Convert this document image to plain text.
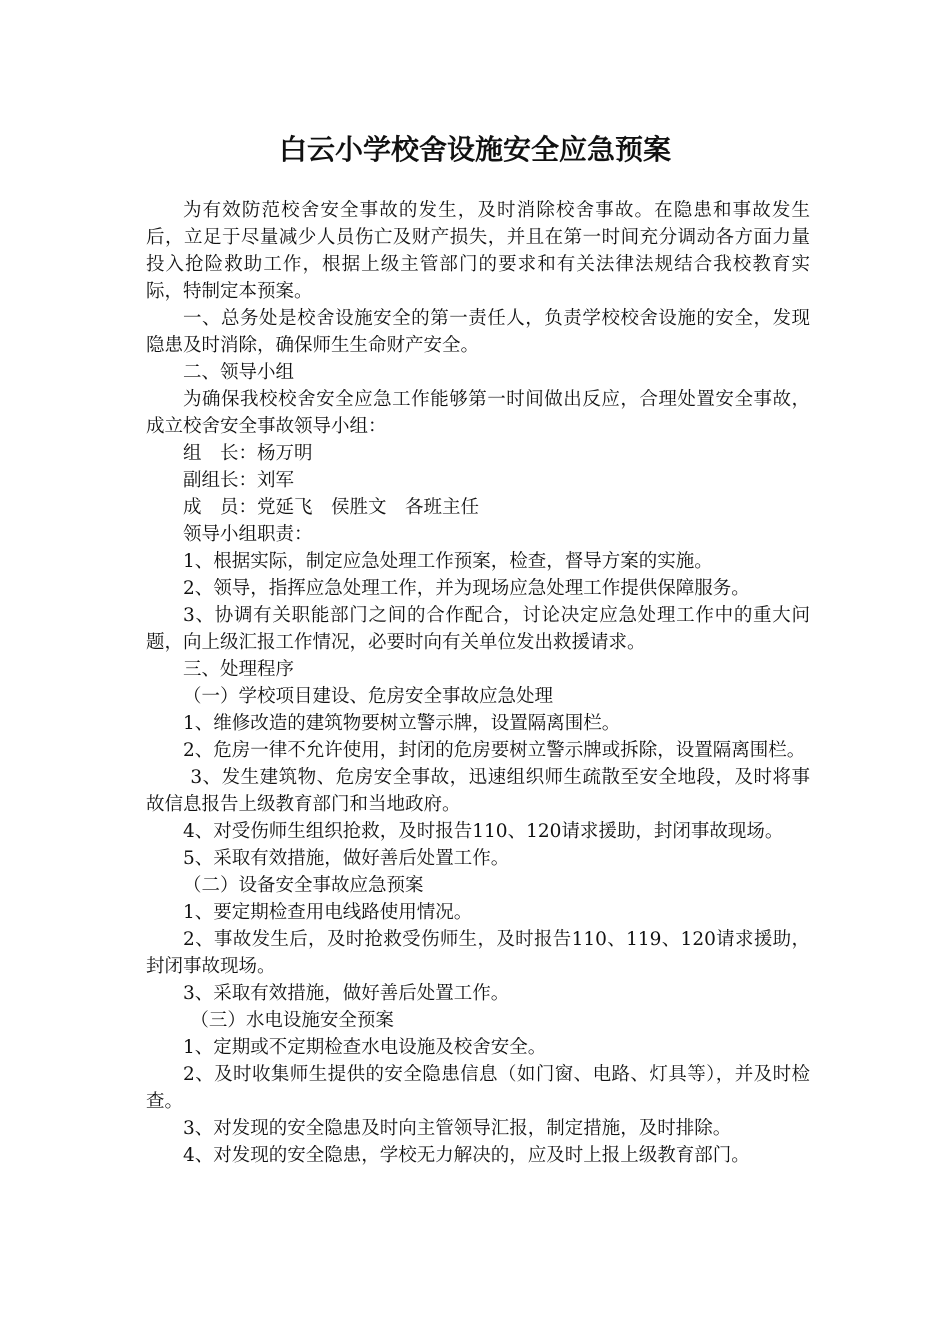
白云小学校舍设施安全应急预案

为有效防范校舍安全事故的发生，及时消除校舍事故。在隐患和事故发生后，立足于尽量减少人员伤亡及财产损失，并且在第一时间充分调动各方面力量投入抢险救助工作，根据上级主管部门的要求和有关法律法规结合我校教育实际，特制定本预案。

一、总务处是校舍设施安全的第一责任人，负责学校校舍设施的安全，发现隐患及时消除，确保师生生命财产安全。

二、领导小组

为确保我校校舍安全应急工作能够第一时间做出反应，合理处置安全事故，成立校舍安全事故领导小组：

组　长：杨万明

副组长：刘军

成　员：党延飞　侯胜文　各班主任

领导小组职责：

1、根据实际，制定应急处理工作预案，检查，督导方案的实施。

2、领导，指挥应急处理工作，并为现场应急处理工作提供保障服务。

3、协调有关职能部门之间的合作配合，讨论决定应急处理工作中的重大问题，向上级汇报工作情况，必要时向有关单位发出救援请求。

三、处理程序

（一）学校项目建设、危房安全事故应急处理

1、维修改造的建筑物要树立警示牌，设置隔离围栏。

2、危房一律不允许使用，封闭的危房要树立警示牌或拆除，设置隔离围栏。

3、发生建筑物、危房安全事故，迅速组织师生疏散至安全地段，及时将事故信息报告上级教育部门和当地政府。

4、对受伤师生组织抢救，及时报告110、120请求援助，封闭事故现场。

5、采取有效措施，做好善后处置工作。

（二）设备安全事故应急预案

1、要定期检查用电线路使用情况。

2、事故发生后，及时抢救受伤师生，及时报告110、119、120请求援助，封闭事故现场。

3、采取有效措施，做好善后处置工作。

（三）水电设施安全预案

1、定期或不定期检查水电设施及校舍安全。

2、及时收集师生提供的安全隐患信息（如门窗、电路、灯具等），并及时检查。

3、对发现的安全隐患及时向主管领导汇报，制定措施，及时排除。

4、对发现的安全隐患，学校无力解决的，应及时上报上级教育部门。
